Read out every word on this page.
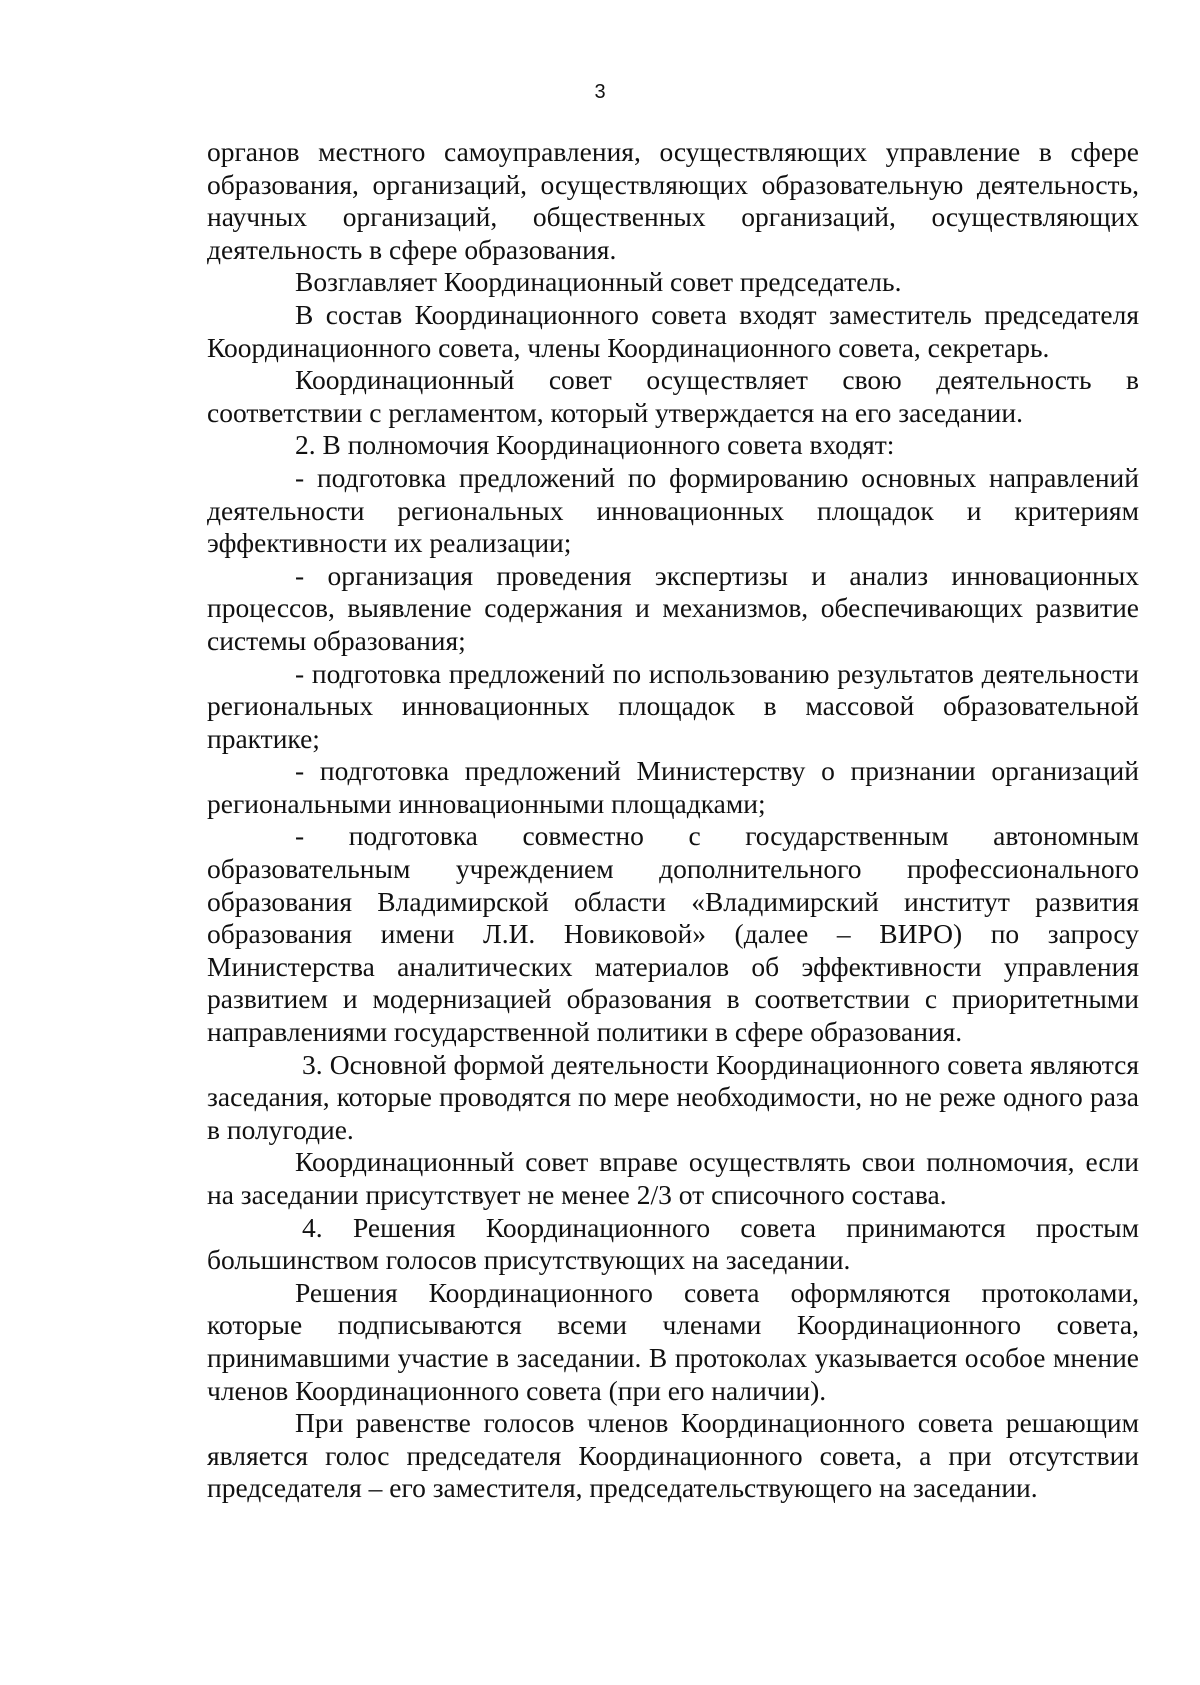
3

органов местного самоуправления, осуществляющих управление в сфере образования, организаций, осуществляющих образовательную деятельность, научных организаций, общественных организаций, осуществляющих деятельность в сфере образования.

Возглавляет Координационный совет председатель.

В состав Координационного совета входят заместитель председателя Координационного совета, члены Координационного совета, секретарь.

Координационный совет осуществляет свою деятельность в соответствии с регламентом, который утверждается на его заседании.

2. В полномочия Координационного совета входят:

- подготовка предложений по формированию основных направлений деятельности региональных инновационных площадок и критериям эффективности их реализации;

- организация проведения экспертизы и анализ инновационных процессов, выявление содержания и механизмов, обеспечивающих развитие системы образования;

- подготовка предложений по использованию результатов деятельности региональных инновационных площадок в массовой образовательной практике;

- подготовка предложений Министерству о признании организаций региональными инновационными площадками;

- подготовка совместно с государственным автономным образовательным учреждением дополнительного профессионального образования Владимирской области «Владимирский институт развития образования имени Л.И. Новиковой» (далее – ВИРО) по запросу Министерства аналитических материалов об эффективности управления развитием и модернизацией образования в соответствии с приоритетными направлениями государственной политики в сфере образования.

3. Основной формой деятельности Координационного совета являются заседания, которые проводятся по мере необходимости, но не реже одного раза в полугодие.

Координационный совет вправе осуществлять свои полномочия, если на заседании присутствует не менее 2/3 от списочного состава.

4. Решения Координационного совета принимаются простым большинством голосов присутствующих на заседании.

Решения Координационного совета оформляются протоколами, которые подписываются всеми членами Координационного совета, принимавшими участие в заседании. В протоколах указывается особое мнение членов Координационного совета (при его наличии).

При равенстве голосов членов Координационного совета решающим является голос председателя Координационного совета, а при отсутствии председателя – его заместителя, председательствующего на заседании.
